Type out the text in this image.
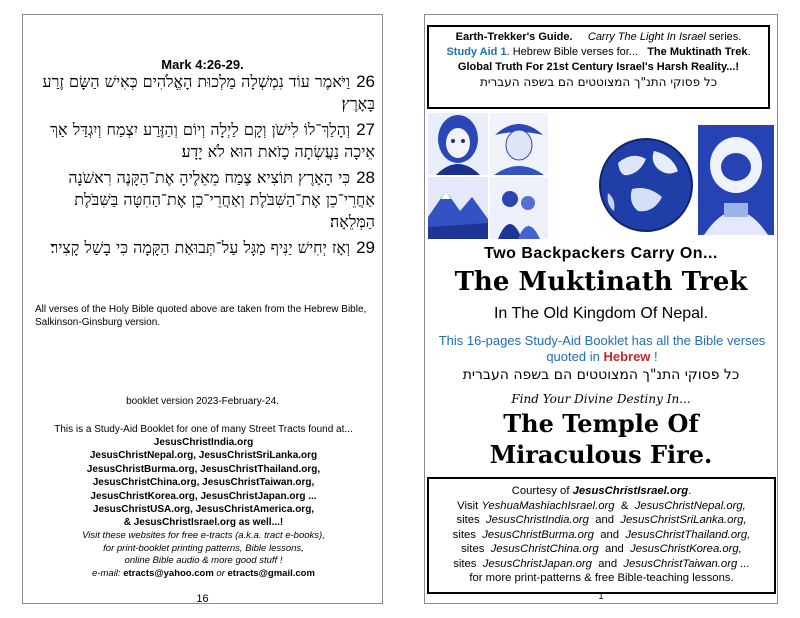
Mark 4:26-29.
26וַיֹּאמֶר עוֹד נִמְשְׁלָה מַלְכוּת הָאֱלֹהִים כְּאִישׁ הַשָּׂם זֶרַע בָּאָרֶץ׃
27וְהָלַךְ־לוֹ לִישֹׁן וְקָם לַיְלָה וְיוֹם וְהַזֶּרַע יִצְמַח וְיִגְדַּל אַךְ אֵיכָה נַעֲשְׂתָה כָזֹאת הוּא לֹא יָדָע׃
28כִּי הָאָרֶץ תּוֹצִיא צֶמַח מֵאֵלֶיהָ אֶת־הַקָּנֶה רִאשֹׁנָה אַחֲרֵי־כֵן אֶת־הַשִּׁבֹּלֶת וְאַחֲרֵי־כֵן אֶת־הַחִטָּה בַּשִּׁבֹּלֶת הַמְּלֵאָה׃
29וְאָז יְחִישׁ יַנִּיף מַגָּל עַל־תְּבוּאַת הַקָּמָה כִּי בָשַׁל קָצִיר׃
All verses of the Holy Bible quoted above are taken from the Hebrew Bible, Salkinson-Ginsburg version.
booklet version 2023-February-24.
This is a Study-Aid Booklet for one of many Street Tracts found at...
JesusChristIndia.org
JesusChristNepal.org, JesusChristSriLanka.org
JesusChristBurma.org, JesusChristThailand.org,
JesusChristChina.org, JesusChristTaiwan.org,
JesusChristKorea.org, JesusChristJapan.org ...
JesusChristUSA.org, JesusChristAmerica.org,
& JesusChristIsrael.org as well...!
Visit these websites for free e-tracts (a.k.a. tract e-books),
for print-booklet printing patterns, Bible lessons,
online Bible audio & more good stuff !
e-mail: etracts@yahoo.com or etracts@gmail.com
16
Earth-Trekker's Guide. Carry The Light In Israel series.
Study Aid 1. Hebrew Bible verses for... The Muktinath Trek.
Global Truth For 21st Century Israel's Harsh Reality...!
כל פסוקי התנ"ך המצוטטים הם בשפה העברית
Two Backpackers Carry On...
The Muktinath Trek
In The Old Kingdom Of Nepal.
This 16-pages Study-Aid Booklet has all the Bible verses quoted in Hebrew !
כל פסוקי התנ"ך המצוטטים הם בשפה העברית
Find Your Divine Destiny In...
The Temple Of
Miraculous Fire.
Courtesy of JesusChristIsrael.org.
Visit YeshuaMashiachIsrael.org & JesusChristNepal.org,
sites JesusChristIndia.org and JesusChristSriLanka.org,
sites JesusChristBurma.org and JesusChristThailand.org,
sites JesusChristChina.org and JesusChristKorea.org,
sites JesusChristJapan.org and JesusChristTaiwan.org ...
for more print-patterns & free Bible-teaching lessons.
1
